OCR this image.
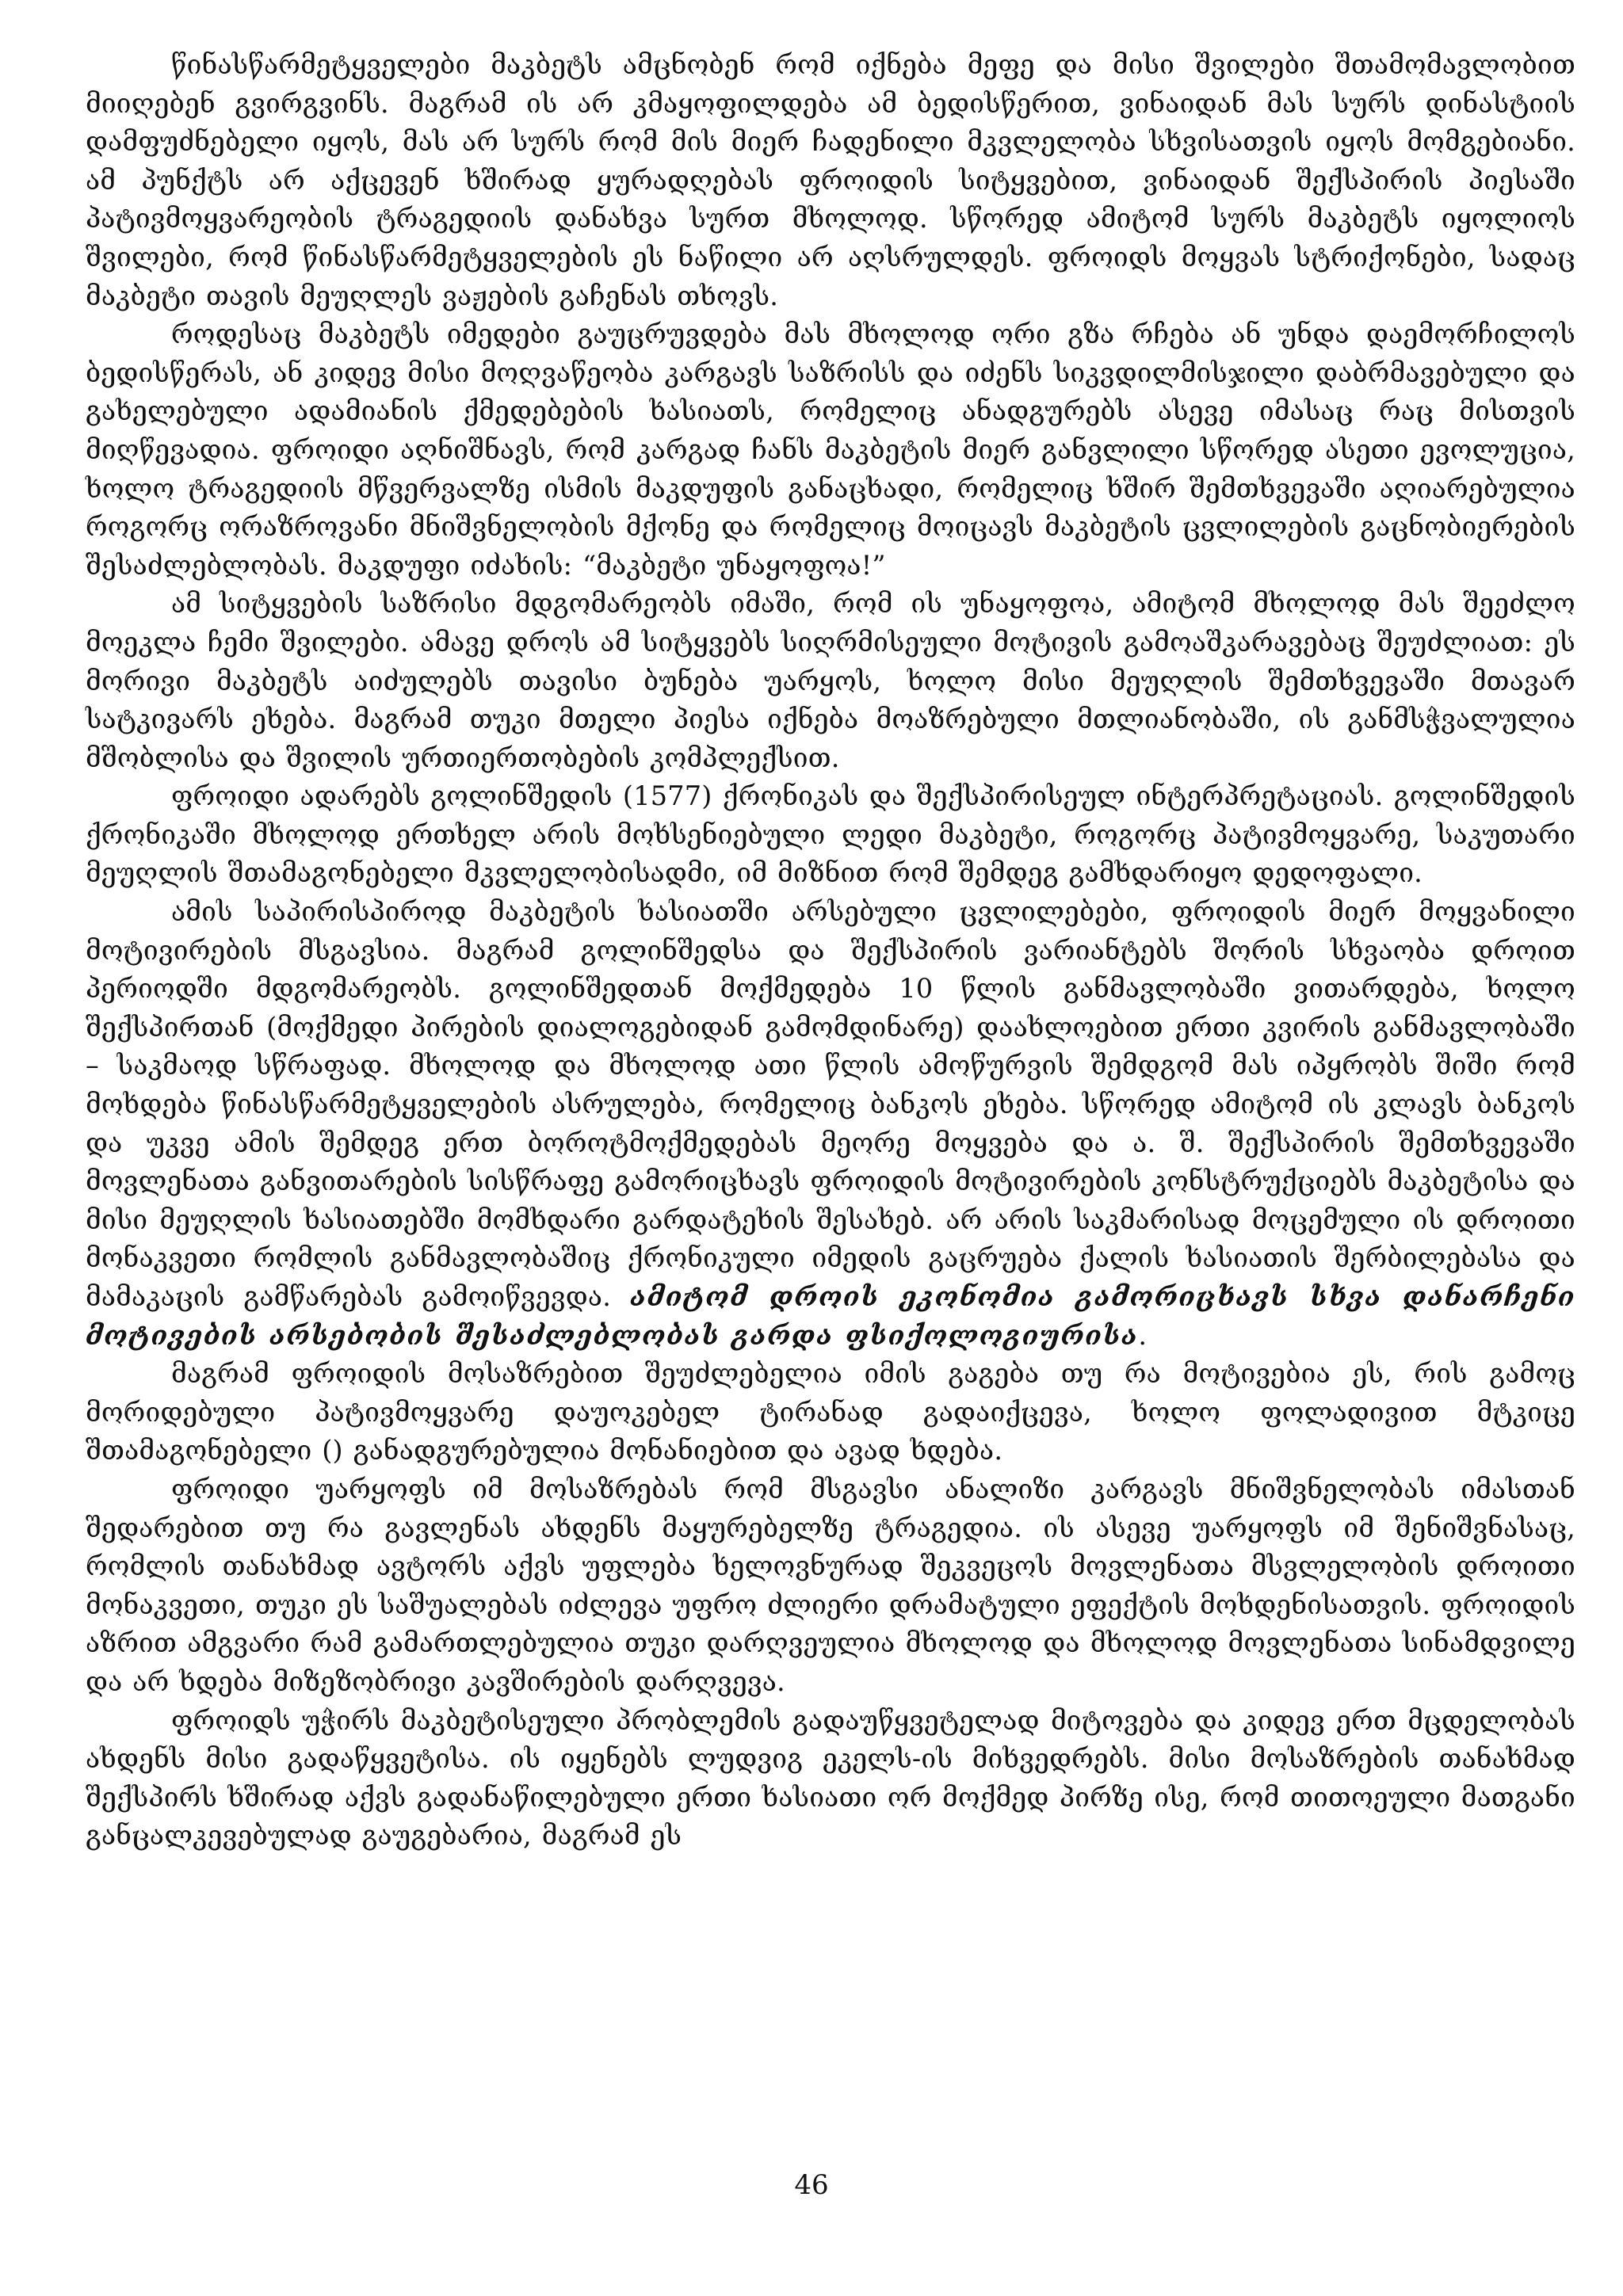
წინასწარმეტყველები მაკბეტს ამცნობენ რომ იქნება მეფე და მისი შვილები შთამომავლობით მიიღებენ გვირგვინს. მაგრამ ის არ კმაყოფილდება ამ ბედისწერით, ვინაიდან მას სურს დინასტიის დამფუძნებელი იყოს, მას არ სურს რომ მის მიერ ჩადენილი მკვლელობა სხვისათვის იყოს მომგებიანი. ამ პუნქტს არ აქცევენ ხშირად ყურადღებას ფროიდის სიტყვებით, ვინაიდან შექსპირის პიესაში პატივმოყვარეობის ტრაგედიის დანახვა სურთ მხოლოდ. სწორედ ამიტომ სურს მაკბეტს იყოლიოს შვილები, რომ წინასწარმეტყველების ეს ნაწილი არ აღსრულდეს. ფროიდს მოყვას სტრიქონები, სადაც მაკბეტი თავის მეუღლეს ვაჟების გაჩენას თხოვს.

როდესაც მაკბეტს იმედები გაუცრუვდება მას მხოლოდ ორი გზა რჩება ან უნდა დაემორჩილოს ბედისწერას, ან კიდევ მისი მოღვაწეობა კარგავს საზრისს და იძენს სიკვდილმისჯილი დაბრმავებული და გახელებული ადამიანის ქმედებების ხასიათს, რომელიც ანადგურებს ასევე იმასაც რაც მისთვის მიღწევადია. ფროიდი აღნიშნავს, რომ კარგად ჩანს მაკბეტის მიერ განვლილი სწორედ ასეთი ევოლუცია, ხოლო ტრაგედიის მწვერვალზე ისმის მაკდუფის განაცხადი, რომელიც ხშირ შემთხვევაში აღიარებულია როგორც ორაზროვანი მნიშვნელობის მქონე და რომელიც მოიცავს მაკბეტის ცვლილების გაცნობიერების შესაძლებლობას. მაკდუფი იძახის: “მაკბეტი უნაყოფოა!”

ამ სიტყვების საზრისი მდგომარეობს იმაში, რომ ის უნაყოფოა, ამიტომ მხოლოდ მას შეეძლო მოეკლა ჩემი შვილები. ამავე დროს ამ სიტყვებს სიღრმისეული მოტივის გამოაშკარავებაც შეუძლიათ: ეს მორივი მაკბეტს აიძულებს თავისი ბუნება უარყოს, ხოლო მისი მეუღლის შემთხვევაში მთავარ სატკივარს ეხება. მაგრამ თუკი მთელი პიესა იქნება მოაზრებული მთლიანობაში, ის განმსჭვალულია მშობლისა და შვილის ურთიერთობების კომპლექსით.

ფროიდი ადარებს გოლინშედის (1577) ქრონიკას და შექსპირისეულ ინტერპრეტაციას. გოლინშედის ქრონიკაში მხოლოდ ერთხელ არის მოხსენიებული ლედი მაკბეტი, როგორც პატივმოყვარე, საკუთარი მეუღლის შთამაგონებელი მკვლელობისადმი, იმ მიზნით რომ შემდეგ გამხდარიყო დედოფალი.

ამის საპირისპიროდ მაკბეტის ხასიათში არსებული ცვლილებები, ფროიდის მიერ მოყვანილი მოტივირების მსგავსია. მაგრამ გოლინშედსა და შექსპირის ვარიანტებს შორის სხვაობა დროით პერიოდში მდგომარეობს. გოლინშედთან მოქმედება 10 წლის განმავლობაში ვითარდება, ხოლო შექსპირთან (მოქმედი პირების დიალოგებიდან გამომდინარე) დაახლოებით ერთი კვირის განმავლობაში – საკმაოდ სწრაფად. მხოლოდ და მხოლოდ ათი წლის ამოწურვის შემდგომ მას იპყრობს შიში რომ მოხდება წინასწარმეტყველების ასრულება, რომელიც ბანკოს ეხება. სწორედ ამიტომ ის კლავს ბანკოს და უკვე ამის შემდეგ ერთ ბოროტმოქმედებას მეორე მოყვება და ა. შ. შექსპირის შემთხვევაში მოვლენათა განვითარების სისწრაფე გამორიცხავს ფროიდის მოტივირების კონსტრუქციებს მაკბეტისა და მისი მეუღლის ხასიათებში მომხდარი გარდატეხის შესახებ. არ არის საკმარისად მოცემული ის დროითი მონაკვეთი რომლის განმავლობაშიც ქრონიკული იმედის გაცრუება ქალის ხასიათის შერბილებასა და მამაკაცის გამწარებას გამოიწვევდა. ამიტომ დროის ეკონომია გამორიცხავს სხვა დანარჩენი მოტივების არსებობის შესაძლებლობას გარდა ფსიქოლოგიურისა.

მაგრამ ფროიდის მოსაზრებით შეუძლებელია იმის გაგება თუ რა მოტივებია ეს, რის გამოც მორიდებული პატივმოყვარე დაუოკებელ ტირანად გადაიქცევა, ხოლო ფოლადივით მტკიცე შთამაგონებელი () განადგურებულია მონანიებით და ავად ხდება.

ფროიდი უარყოფს იმ მოსაზრებას რომ მსგავსი ანალიზი კარგავს მნიშვნელობას იმასთან შედარებით თუ რა გავლენას ახდენს მაყურებელზე ტრაგედია. ის ასევე უარყოფს იმ შენიშვნასაც, რომლის თანახმად ავტორს აქვს უფლება ხელოვნურად შეკვეცოს მოვლენათა მსვლელობის დროითი მონაკვეთი, თუკი ეს საშუალებას იძლევა უფრო ძლიერი დრამატული ეფექტის მოხდენისათვის. ფროიდის აზრით ამგვარი რამ გამართლებულია თუკი დარღვეულია მხოლოდ და მხოლოდ მოვლენათა სინამდვილე და არ ხდება მიზეზობრივი კავშირების დარღვევა.

ფროიდს უჭირს მაკბეტისეული პრობლემის გადაუწყვეტელად მიტოვება და კიდევ ერთ მცდელობას ახდენს მისი გადაწყვეტისა. ის იყენებს ლუდვიგ ეკელს-ის მიხვედრებს. მისი მოსაზრების თანახმად შექსპირს ხშირად აქვს გადანაწილებული ერთი ხასიათი ორ მოქმედ პირზე ისე, რომ თითოეული მათგანი განცალკევებულად გაუგებარია, მაგრამ ეს

46
